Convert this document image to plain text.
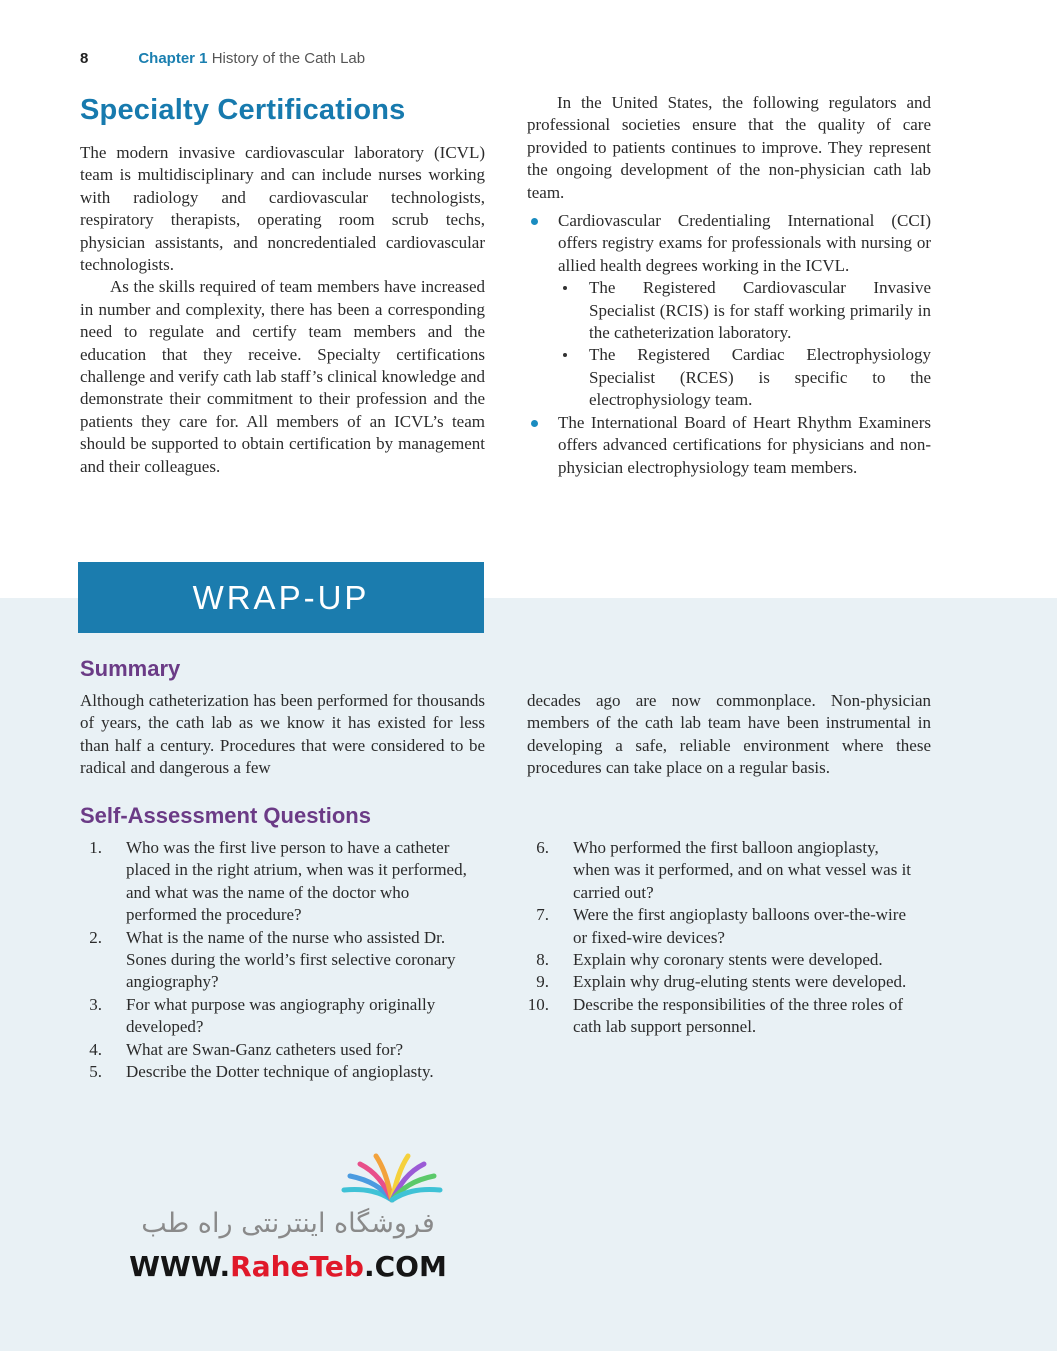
8	Chapter 1 History of the Cath Lab
Specialty Certifications

The modern invasive cardiovascular laboratory (ICVL) team is multidisciplinary and can include nurses working with radiology and cardiovascular technologists, respiratory therapists, operating room scrub techs, physician assistants, and noncredentialed cardiovascular technologists.

As the skills required of team members have increased in number and complexity, there has been a corresponding need to regulate and certify team members and the education that they receive. Specialty certifications challenge and verify cath lab staff’s clinical knowledge and demonstrate their commitment to their profession and the patients they care for. All members of an ICVL’s team should be supported to obtain certification by management and their colleagues.

In the United States, the following regulators and professional societies ensure that the quality of care provided to patients continues to improve. They represent the ongoing development of the non-physician cath lab team.

Cardiovascular Credentialing International (CCI) offers registry exams for professionals with nursing or allied health degrees working in the ICVL.
The Registered Cardiovascular Invasive Specialist (RCIS) is for staff working primarily in the catheterization laboratory.
The Registered Cardiac Electrophysiology Specialist (RCES) is specific to the electrophysiology team.
The International Board of Heart Rhythm Examiners offers advanced certifications for physicians and non-physician electrophysiology team members.
WRAP-UP
Summary

Although catheterization has been performed for thousands of years, the cath lab as we know it has existed for less than half a century. Procedures that were considered to be radical and dangerous a few

decades ago are now commonplace. Non-physician members of the cath lab team have been instrumental in developing a safe, reliable environment where these procedures can take place on a regular basis.

Self-Assessment Questions
1. Who was the first live person to have a catheter placed in the right atrium, when was it performed, and what was the name of the doctor who performed the procedure?
2. What is the name of the nurse who assisted Dr. Sones during the world’s first selective coronary angiography?
3. For what purpose was angiography originally developed?
4. What are Swan-Ganz catheters used for?
5. Describe the Dotter technique of angioplasty.
6. Who performed the first balloon angioplasty, when was it performed, and on what vessel was it carried out?
7. Were the first angioplasty balloons over-the-wire or fixed-wire devices?
8. Explain why coronary stents were developed.
9. Explain why drug-eluting stents were developed.
10. Describe the responsibilities of the three roles of cath lab support personnel.
فروشگاه اینترنتی راه طب
WWW.RaheTeb.COM
